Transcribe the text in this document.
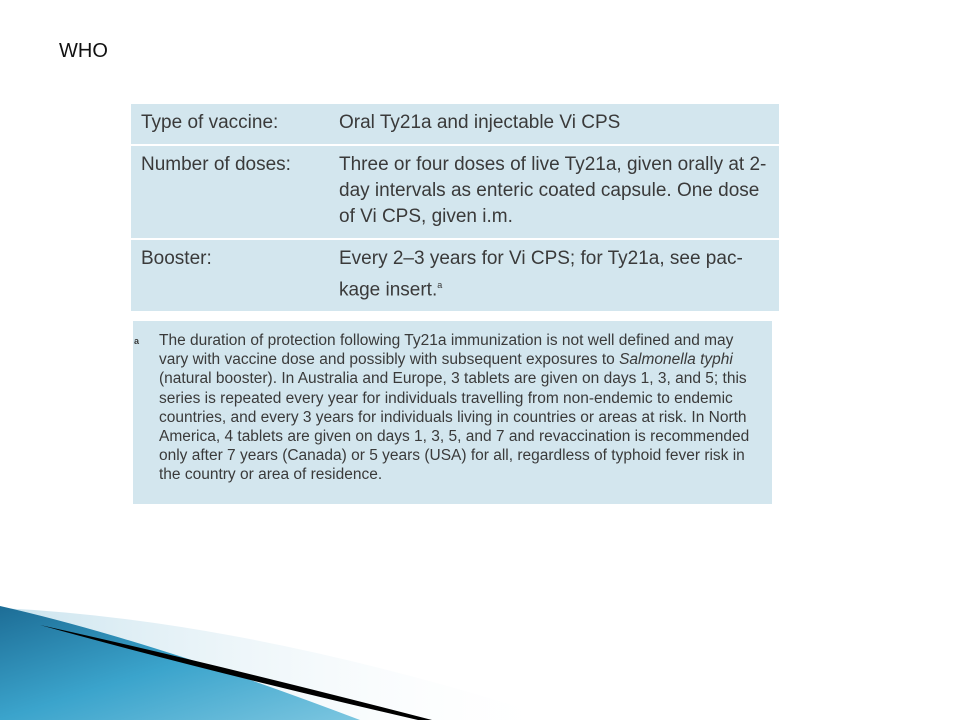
WHO
Type of vaccine:	Oral Ty21a and injectable Vi CPS
Number of doses:	Three or four doses of live Ty21a, given orally at 2-day intervals as enteric coated capsule. One dose of Vi CPS, given i.m.
Booster:	Every 2–3 years for Vi CPS; for Ty21a, see pac-kage insert.$^a$
a The duration of protection following Ty21a immunization is not well defined and may vary with vaccine dose and possibly with subsequent exposures to Salmonella typhi (natural booster). In Australia and Europe, 3 tablets are given on days 1, 3, and 5; this series is repeated every year for individuals travelling from non-endemic to endemic countries, and every 3 years for individuals living in countries or areas at risk. In North America, 4 tablets are given on days 1, 3, 5, and 7 and revaccination is recommended only after 7 years (Canada) or 5 years (USA) for all, regardless of typhoid fever risk in the country or area of residence.
